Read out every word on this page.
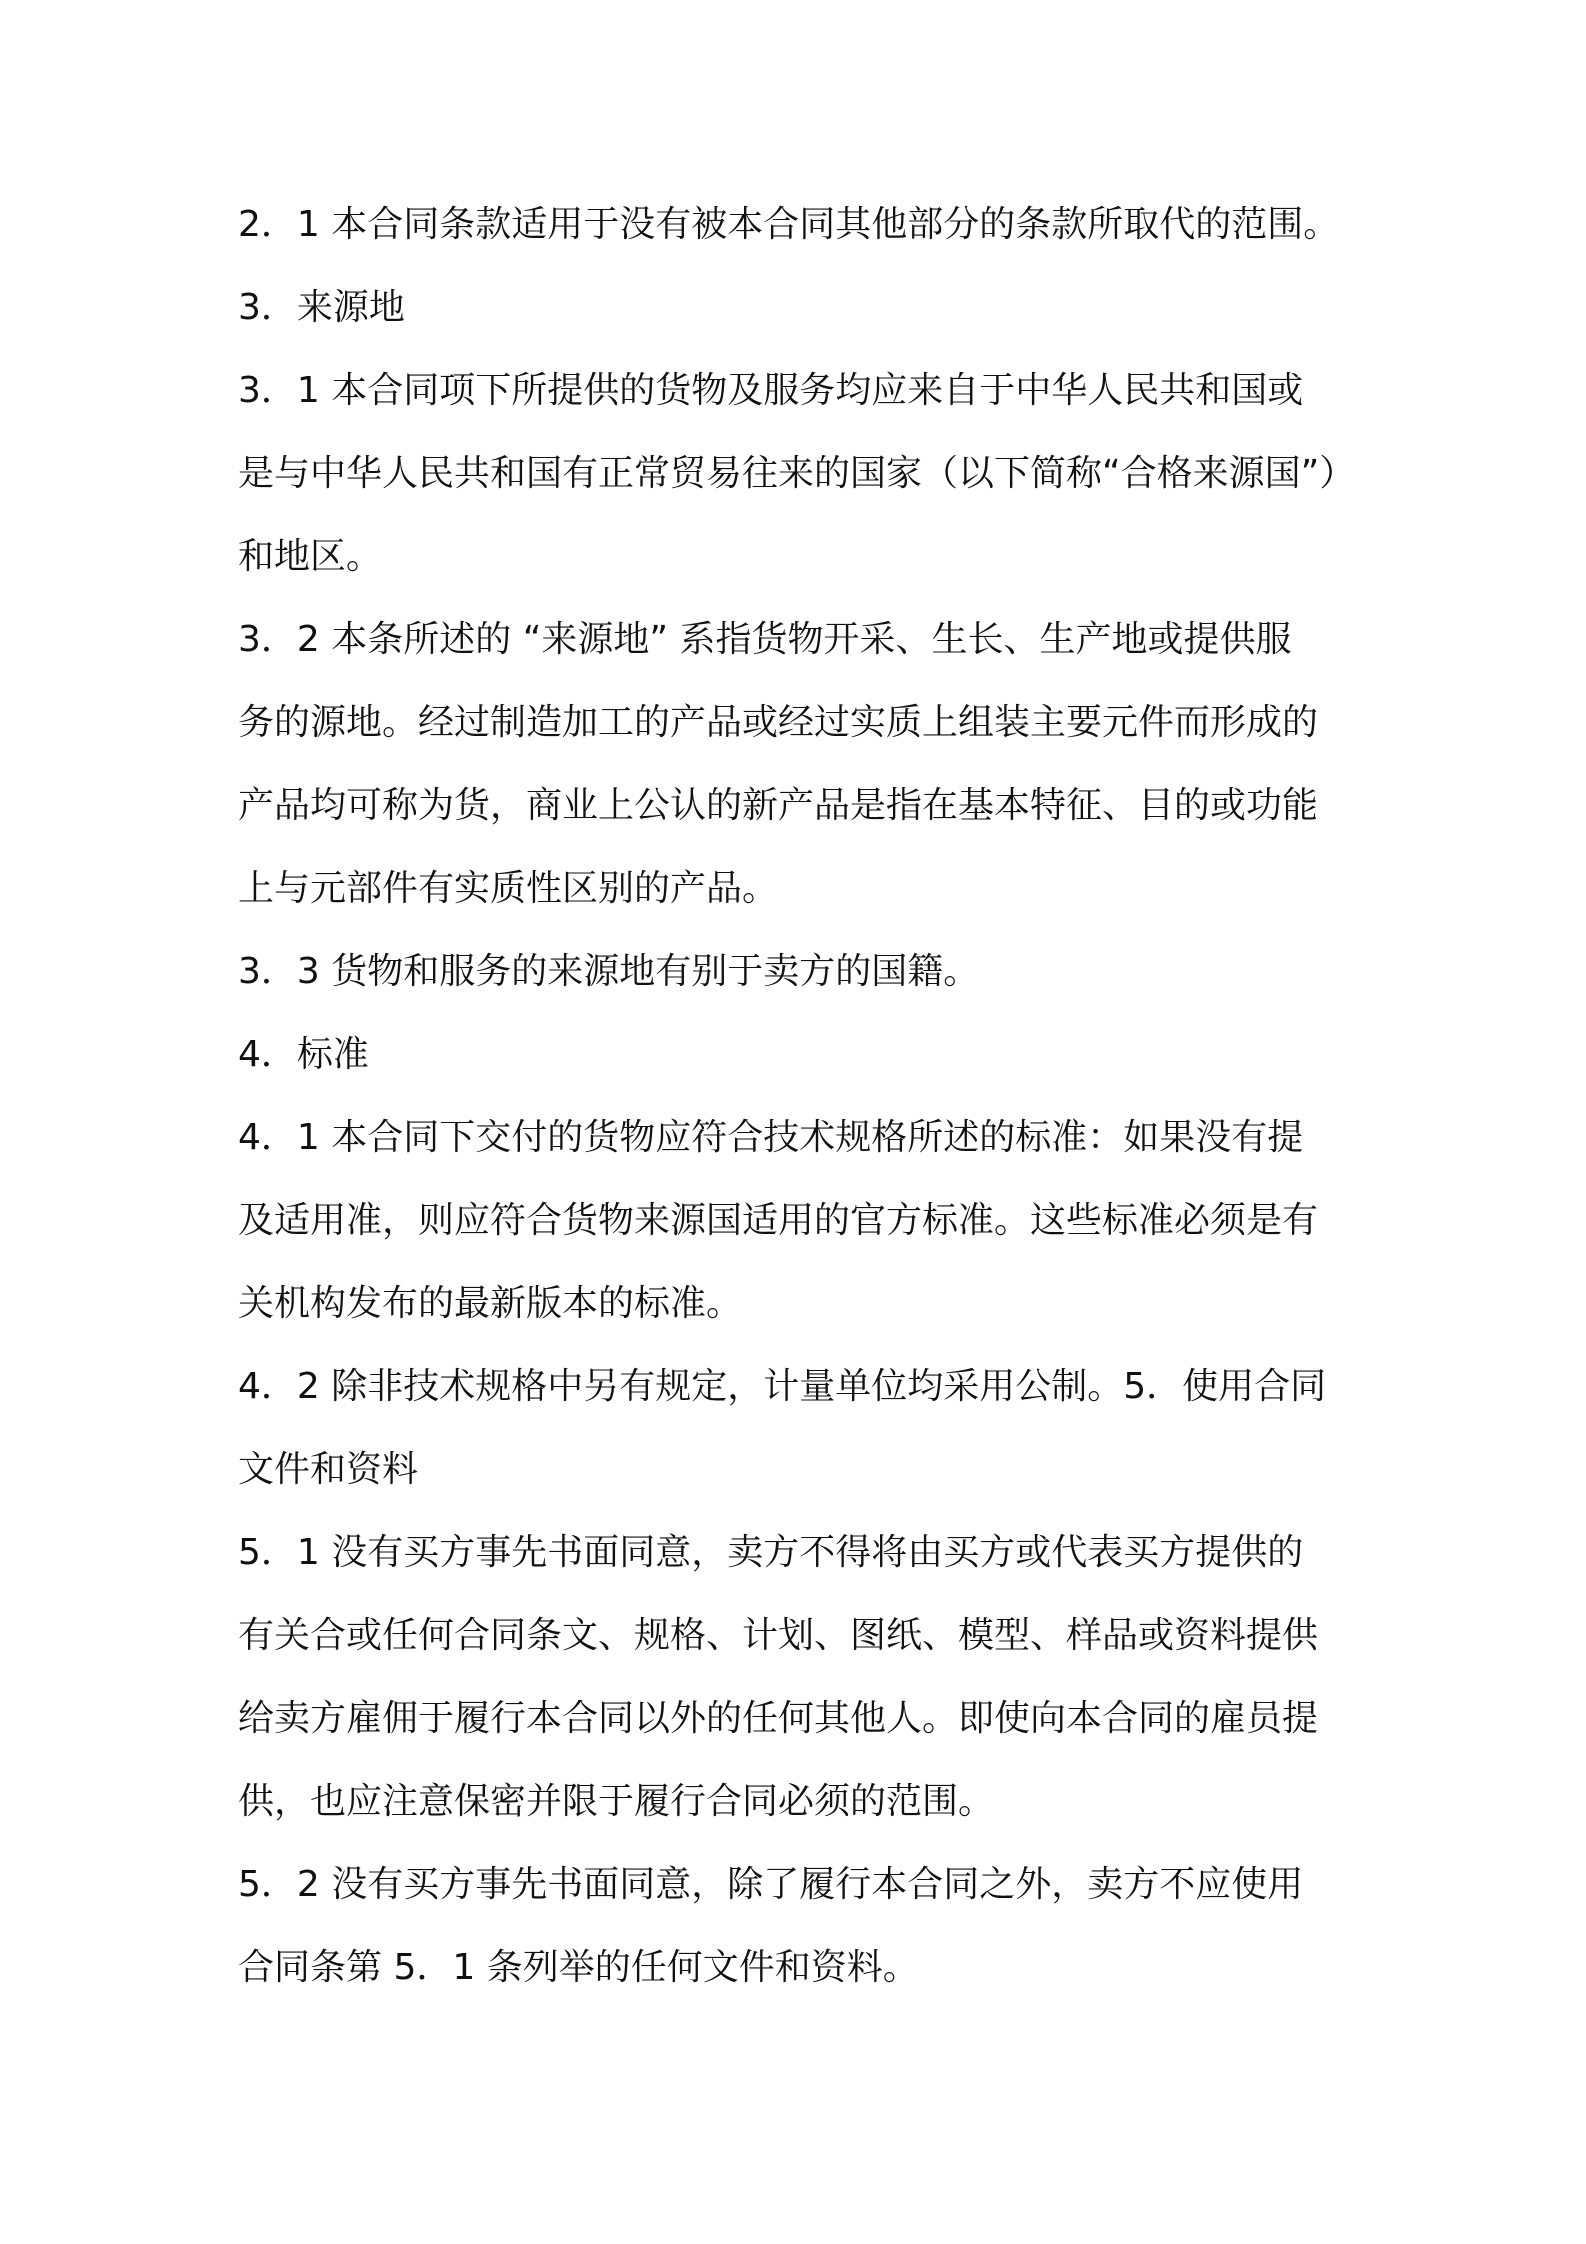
2．1 本合同条款适用于没有被本合同其他部分的条款所取代的范围。
3．来源地
3．1 本合同项下所提供的货物及服务均应来自于中华人民共和国或
是与中华人民共和国有正常贸易往来的国家（以下简称“合格来源国”）
和地区。
3．2 本条所述的 “来源地” 系指货物开采、生长、生产地或提供服
务的源地。经过制造加工的产品或经过实质上组装主要元件而形成的
产品均可称为货，商业上公认的新产品是指在基本特征、目的或功能
上与元部件有实质性区别的产品。
3．3 货物和服务的来源地有别于卖方的国籍。
4．标准
4．1 本合同下交付的货物应符合技术规格所述的标准：如果没有提
及适用准，则应符合货物来源国适用的官方标准。这些标准必须是有
关机构发布的最新版本的标准。
4．2 除非技术规格中另有规定，计量单位均采用公制。5．使用合同
文件和资料
5．1 没有买方事先书面同意，卖方不得将由买方或代表买方提供的
有关合或任何合同条文、规格、计划、图纸、模型、样品或资料提供
给卖方雇佣于履行本合同以外的任何其他人。即使向本合同的雇员提
供，也应注意保密并限于履行合同必须的范围。
5．2 没有买方事先书面同意，除了履行本合同之外，卖方不应使用
合同条第 5．1 条列举的任何文件和资料。
